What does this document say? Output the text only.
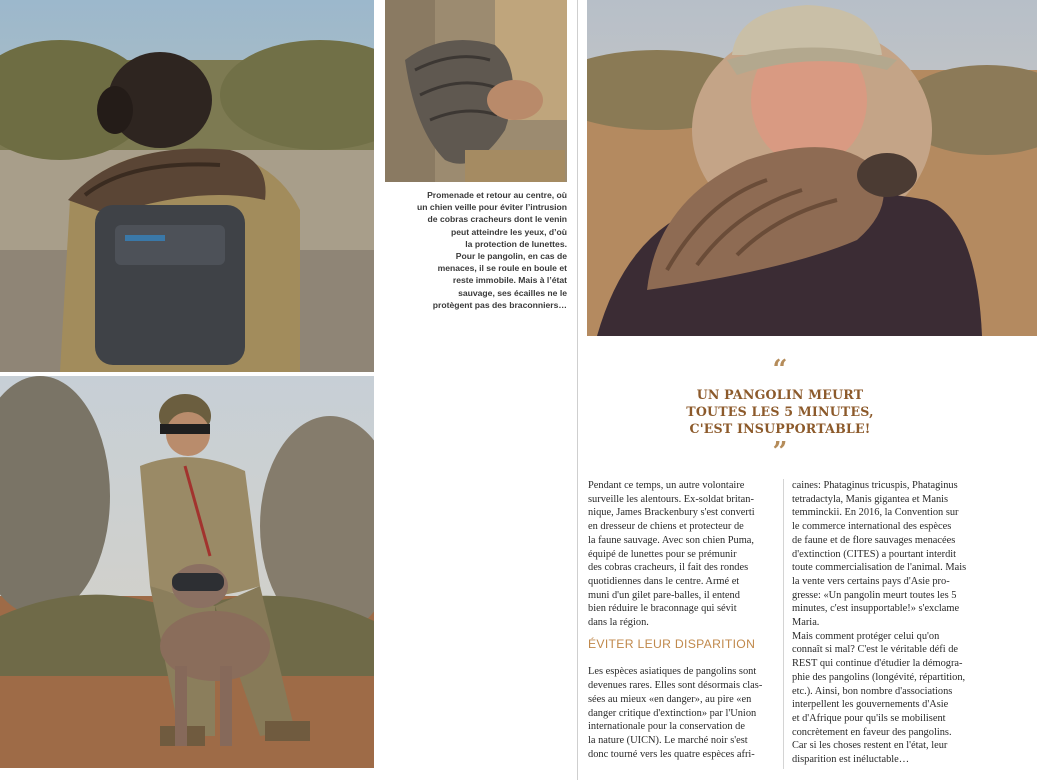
Promenade et retour au centre, où
un chien veille pour éviter l’intrusion
de cobras cracheurs dont le venin
peut atteindre les yeux, d’où
la protection de lunettes.
Pour le pangolin, en cas de
menaces, il se roule en boule et
reste immobile. Mais à l’état
sauvage, ses écailles ne le
protègent pas des braconniers…
“
UN PANGOLIN MEURT
TOUTES LES 5 MINUTES,
C'EST INSUPPORTABLE!
”
Pendant ce temps, un autre volontaire
surveille les alentours. Ex-soldat britan-
nique, James Brackenbury s'est converti
en dresseur de chiens et protecteur de
la faune sauvage. Avec son chien Puma,
équipé de lunettes pour se prémunir
des cobras cracheurs, il fait des rondes
quotidiennes dans le centre. Armé et
muni d'un gilet pare-balles, il entend
bien réduire le braconnage qui sévit
dans la région.
ÉVITER LEUR DISPARITION
Les espèces asiatiques de pangolins sont
devenues rares. Elles sont désormais clas-
sées au mieux «en danger», au pire «en
danger critique d'extinction» par l'Union
internationale pour la conservation de
la nature (UICN). Le marché noir s'est
donc tourné vers les quatre espèces afri-
caines: Phataginus tricuspis, Phataginus
tetradactyla, Manis gigantea et Manis
temminckii. En 2016, la Convention sur
le commerce international des espèces
de faune et de flore sauvages menacées
d'extinction (CITES) a pourtant interdit
toute commercialisation de l'animal. Mais
la vente vers certains pays d'Asie pro-
gresse: «Un pangolin meurt toutes les 5
minutes, c'est insupportable!» s'exclame
Maria.
Mais comment protéger celui qu'on
connaît si mal? C'est le véritable défi de
REST qui continue d'étudier la démogra-
phie des pangolins (longévité, répartition,
etc.). Ainsi, bon nombre d'associations
interpellent les gouvernements d'Asie
et d'Afrique pour qu'ils se mobilisent
concrètement en faveur des pangolins.
Car si les choses restent en l'état, leur
disparition est inéluctable…
